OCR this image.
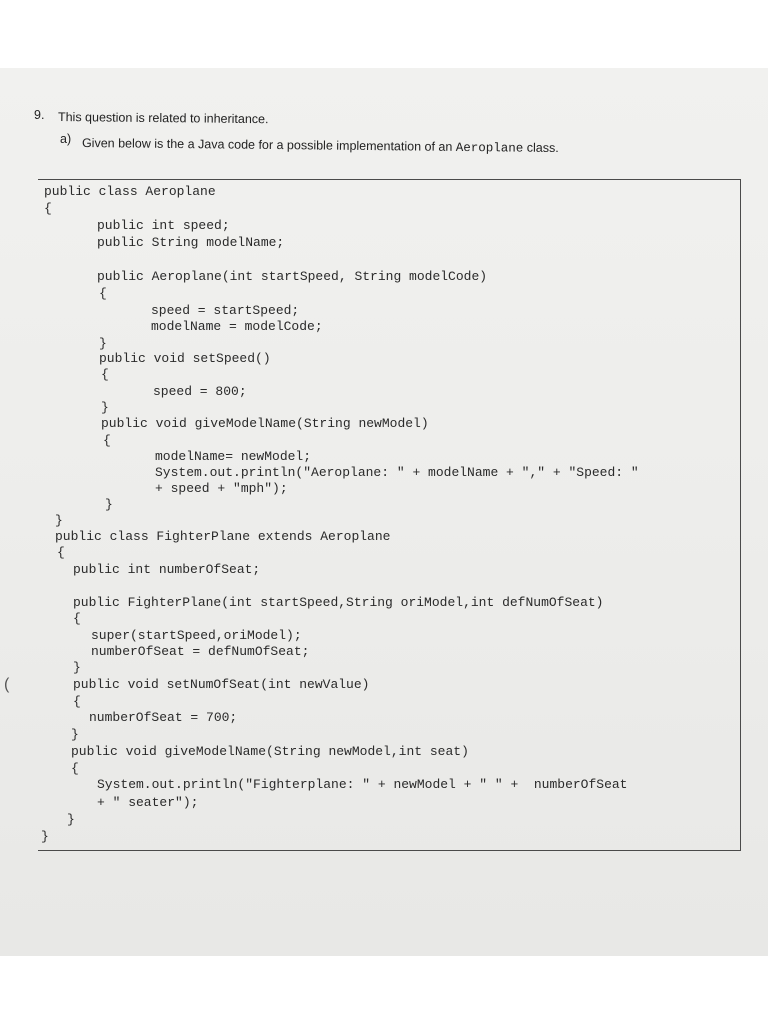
9. This question is related to inheritance.
a) Given below is the a Java code for a possible implementation of an Aeroplane class.
public class Aeroplane
{
public int speed;
public String modelName;
public Aeroplane(int startSpeed, String modelCode)
{
speed = startSpeed;
modelName = modelCode;
}
public void setSpeed()
{
speed = 800;
}
public void giveModelName(String newModel)
{
modelName= newModel;
System.out.println("Aeroplane: " + modelName + "," + "Speed: "
+ speed + "mph");
}
}
public class FighterPlane extends Aeroplane
{
public int numberOfSeat;
public FighterPlane(int startSpeed,String oriModel,int defNumOfSeat)
{
super(startSpeed,oriModel);
numberOfSeat = defNumOfSeat;
}
public void setNumOfSeat(int newValue)
{
numberOfSeat = 700;
}
public void giveModelName(String newModel,int seat)
{
System.out.println("Fighterplane: " + newModel + " " +  numberOfSeat
+ " seater");
}
}
(
